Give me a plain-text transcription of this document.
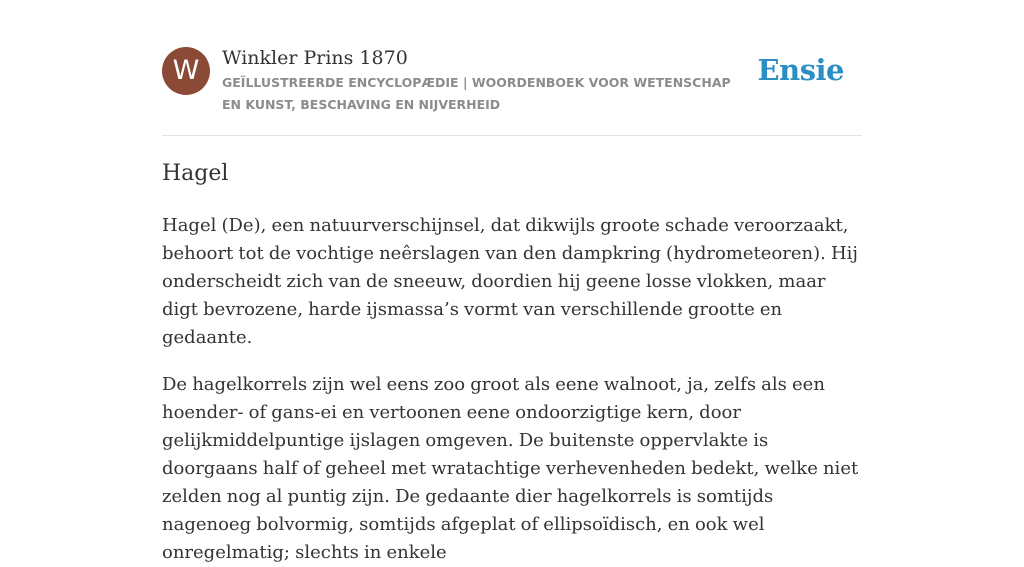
W	Winkler Prins 1870
GEÏLLUSTREERDE ENCYCLOPÆDIE | WOORDENBOEK VOOR WETENSCHAP EN KUNST, BESCHAVING EN NIJVERHEID
Ensie
Hagel

Hagel (De), een natuurverschijnsel, dat dikwijls groote schade veroorzaakt, behoort tot de vochtige neêrslagen van den dampkring (hydrometeoren). Hij onderscheidt zich van de sneeuw, doordien hij geene losse vlokken, maar digt bevrozene, harde ijsmassa’s vormt van verschillende grootte en gedaante.

De hagelkorrels zijn wel eens zoo groot als eene walnoot, ja, zelfs als een hoender- of gans-ei en vertoonen eene ondoorzigtige kern, door gelijkmiddelpuntige ijslagen omgeven. De buitenste oppervlakte is doorgaans half of geheel met wratachtige verhevenheden bedekt, welke niet zelden nog al puntig zijn. De gedaante dier hagelkorrels is somtijds nagenoeg bolvormig, somtijds afgeplat of ellipsoïdisch, en ook wel onregelmatig; slechts in enkele
